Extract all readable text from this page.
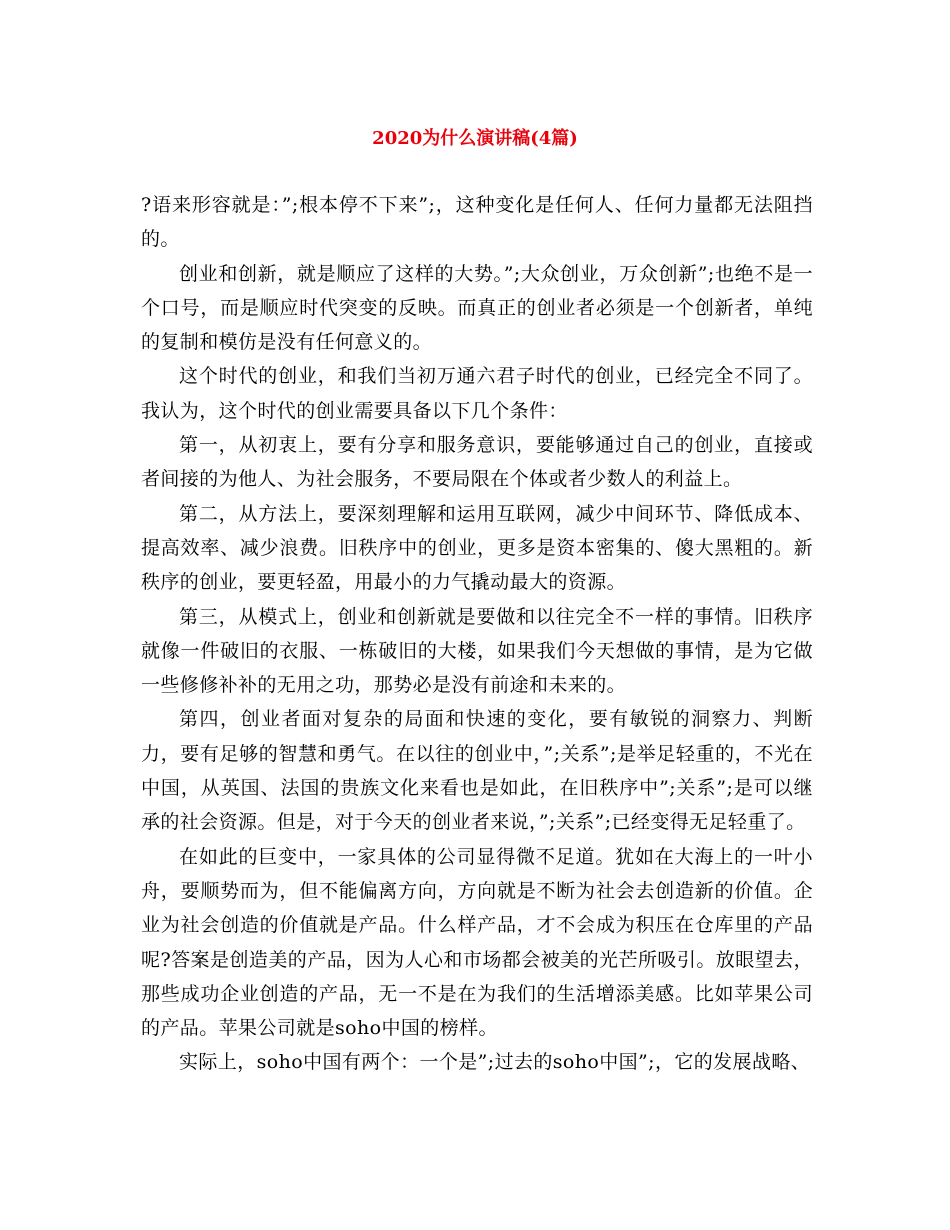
2020为什么演讲稿(4篇)

?语来形容就是：”;根本停不下来”;，这种变化是任何人、任何力量都无法阻挡的。

创业和创新，就是顺应了这样的大势。”;大众创业，万众创新”;也绝不是一个口号，而是顺应时代突变的反映。而真正的创业者必须是一个创新者，单纯的复制和模仿是没有任何意义的。

这个时代的创业，和我们当初万通六君子时代的创业，已经完全不同了。我认为，这个时代的创业需要具备以下几个条件：

第一，从初衷上，要有分享和服务意识，要能够通过自己的创业，直接或者间接的为他人、为社会服务，不要局限在个体或者少数人的利益上。

第二，从方法上，要深刻理解和运用互联网，减少中间环节、降低成本、提高效率、减少浪费。旧秩序中的创业，更多是资本密集的、傻大黑粗的。新秩序的创业，要更轻盈，用最小的力气撬动最大的资源。

第三，从模式上，创业和创新就是要做和以往完全不一样的事情。旧秩序就像一件破旧的衣服、一栋破旧的大楼，如果我们今天想做的事情，是为它做一些修修补补的无用之功，那势必是没有前途和未来的。

第四，创业者面对复杂的局面和快速的变化，要有敏锐的洞察力、判断力，要有足够的智慧和勇气。在以往的创业中，”;关系”;是举足轻重的，不光在中国，从英国、法国的贵族文化来看也是如此，在旧秩序中”;关系”;是可以继承的社会资源。但是，对于今天的创业者来说，”;关系”;已经变得无足轻重了。

在如此的巨变中，一家具体的公司显得微不足道。犹如在大海上的一叶小舟，要顺势而为，但不能偏离方向，方向就是不断为社会去创造新的价值。企业为社会创造的价值就是产品。什么样产品，才不会成为积压在仓库里的产品呢?答案是创造美的产品，因为人心和市场都会被美的光芒所吸引。放眼望去，那些成功企业创造的产品，无一不是在为我们的生活增添美感。比如苹果公司的产品。苹果公司就是soho中国的榜样。

实际上，soho中国有两个：一个是”;过去的soho中国”;，它的发展战略、
